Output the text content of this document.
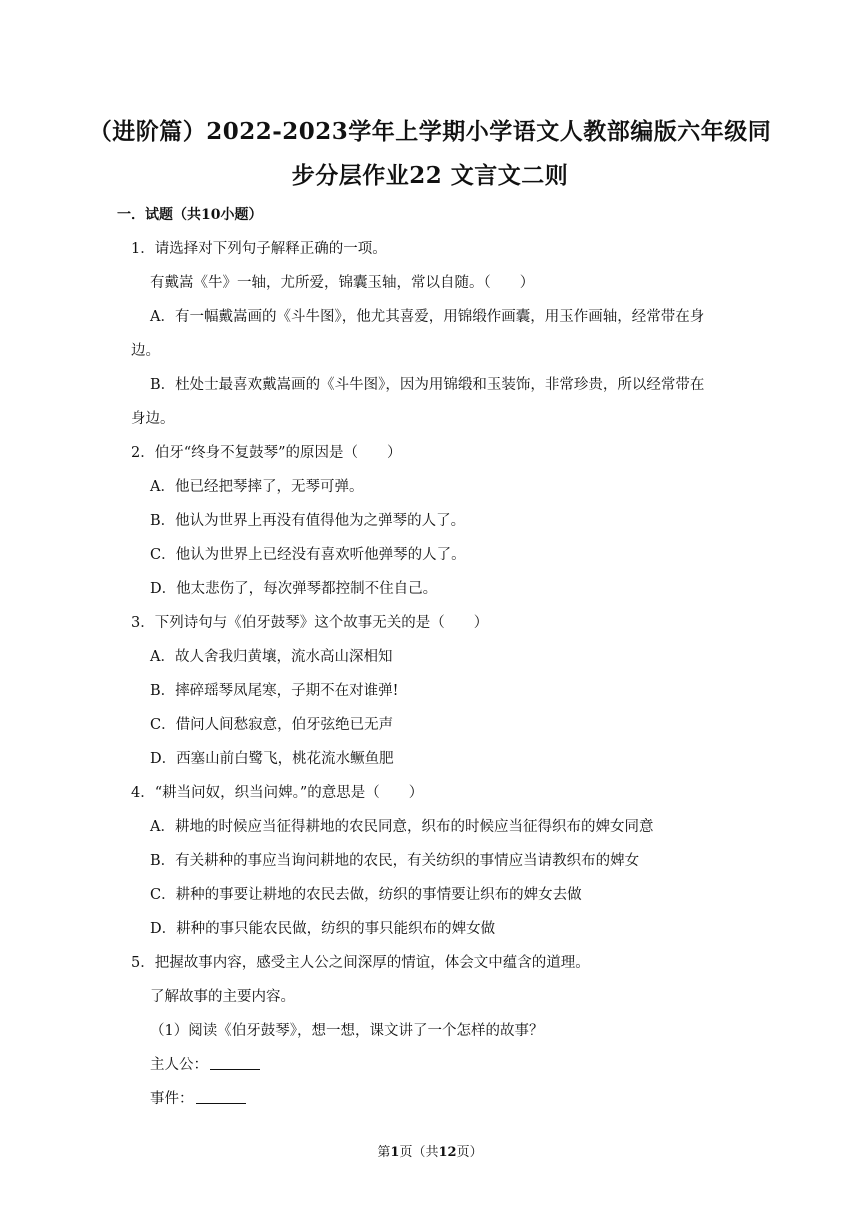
（进阶篇）2022-2023学年上学期小学语文人教部编版六年级同
步分层作业22 文言文二则
一．试题（共10小题）
1．请选择对下列句子解释正确的一项。
有戴嵩《牛》一轴，尤所爱，锦囊玉轴，常以自随。（　　）
A．有一幅戴嵩画的《斗牛图》，他尤其喜爱，用锦缎作画囊，用玉作画轴，经常带在身
边。
B．杜处士最喜欢戴嵩画的《斗牛图》，因为用锦缎和玉装饰，非常珍贵，所以经常带在
身边。
2．伯牙“终身不复鼓琴”的原因是（　　）
A．他已经把琴摔了，无琴可弹。
B．他认为世界上再没有值得他为之弹琴的人了。
C．他认为世界上已经没有喜欢听他弹琴的人了。
D．他太悲伤了，每次弹琴都控制不住自己。
3．下列诗句与《伯牙鼓琴》这个故事无关的是（　　）
A．故人舍我归黄壤，流水高山深相知
B．摔碎瑶琴凤尾寒，子期不在对谁弹!
C．借问人间愁寂意，伯牙弦绝已无声
D．西塞山前白鹭飞，桃花流水鳜鱼肥
4．“耕当问奴，织当问婢。”的意思是（　　）
A．耕地的时候应当征得耕地的农民同意，织布的时候应当征得织布的婢女同意
B．有关耕种的事应当询问耕地的农民，有关纺织的事情应当请教织布的婢女
C．耕种的事要让耕地的农民去做，纺织的事情要让织布的婢女去做
D．耕种的事只能农民做，纺织的事只能织布的婢女做
5．把握故事内容，感受主人公之间深厚的情谊，体会文中蕴含的道理。
了解故事的主要内容。
（1）阅读《伯牙鼓琴》，想一想，课文讲了一个怎样的故事？
主人公：
事件：
第1页（共12页）
